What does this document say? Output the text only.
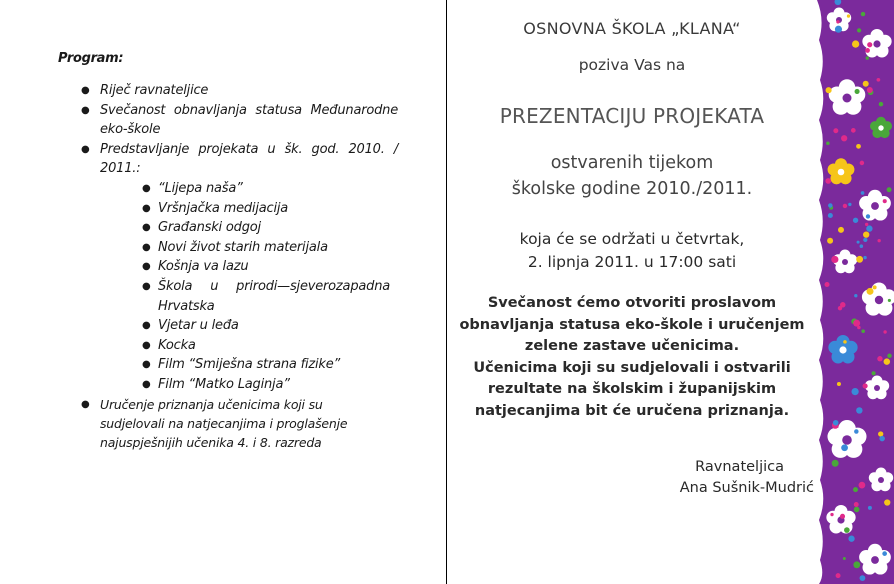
Program:
● Riječ ravnateljice
● Svečanost obnavljanja statusa Međunarodne eko-škole
● Predstavljanje projekata u šk. god. 2010. / 2011.:
● “Lijepa naša”
● Vršnjačka medijacija
● Građanski odgoj
● Novi život starih materijala
● Košnja va lazu
● Škola u prirodi—sjeverozapadna Hrvatska
● Vjetar u leđa
● Kocka
● Film “Smiješna strana fizike”
● Film “Matko Laginja”
● Uručenje priznanja učenicima koji su sudjelovali na natjecanjima i proglašenje najuspješnijih učenika 4. i 8. razreda
OSNOVNA ŠKOLA „KLANA“
poziva Vas na
PREZENTACIJU PROJEKATA
ostvarenih tijekom
školske godine 2010./2011.
koja će se održati u četvrtak,
2. lipnja 2011. u 17:00 sati
Svečanost ćemo otvoriti proslavom
obnavljanja statusa eko-škole i uručenjem
zelene zastave učenicima.
Učenicima koji su sudjelovali i ostvarili
rezultate na školskim i županijskim
natjecanjima bit će uručena priznanja.
Ravnateljica
Ana Sušnik-Mudrić
